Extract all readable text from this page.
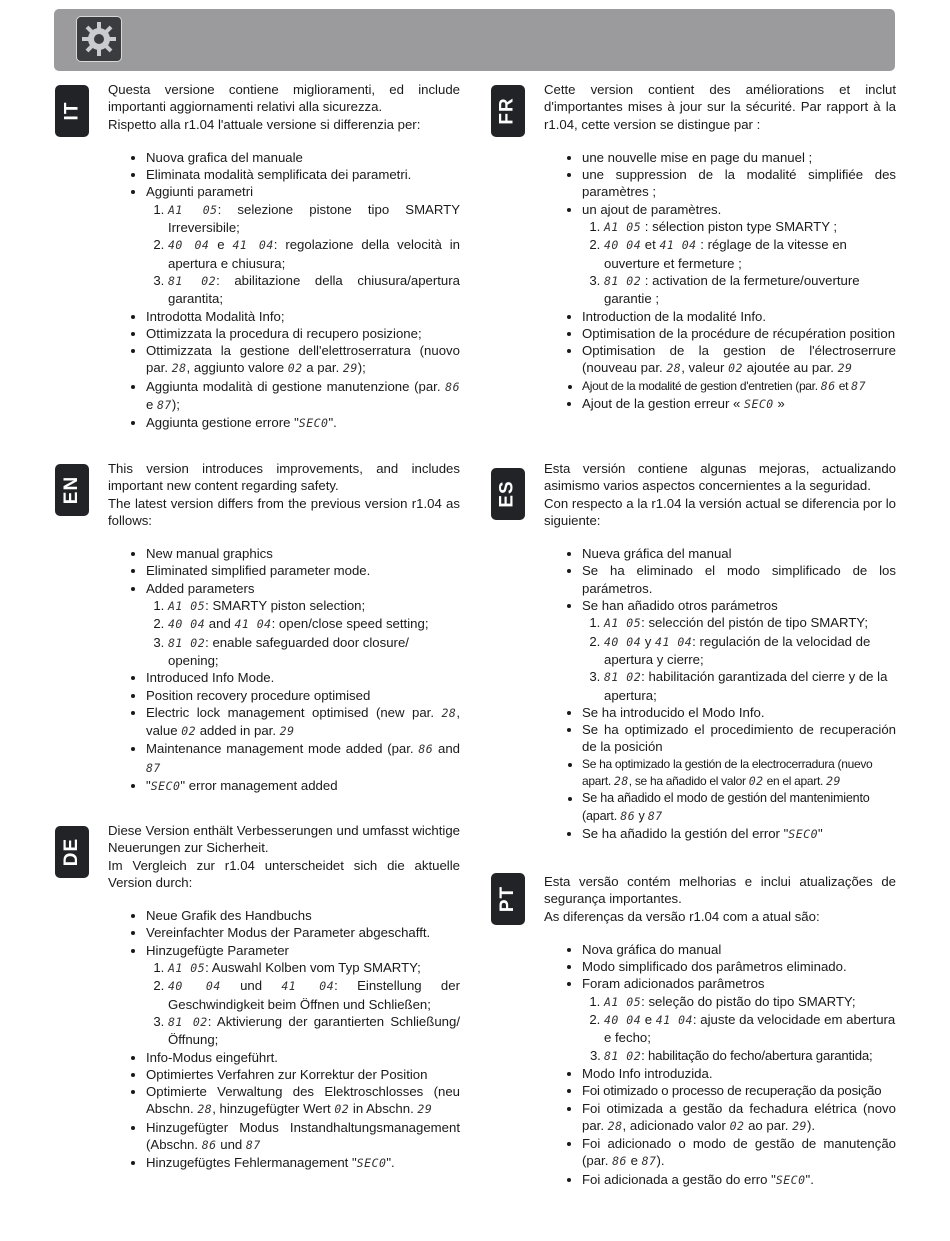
IT

Questa versione contiene miglioramenti, ed include importanti aggiornamenti relativi alla sicurezza.
Rispetto alla r1.04 l'attuale versione si differenzia per:

• Nuova grafica del manuale
• Eliminata modalità semplificata dei parametri.
• Aggiunti parametri
1. A1 05: selezione pistone tipo SMARTY Irreversibile;
2. 40 04 e 41 04: regolazione della velocità in apertura e chiusura;
3. 81 02: abilitazione della chiusura/apertura garantita;
• Introdotta Modalità Info;
• Ottimizzata la procedura di recupero posizione;
• Ottimizzata la gestione dell'elettroserratura (nuovo par. 28, aggiunto valore 02 a par. 29);
• Aggiunta modalità di gestione manutenzione (par. 86 e 87);
• Aggiunta gestione errore "SEC0".
EN

This version introduces improvements, and includes important new content regarding safety.
The latest version differs from the previous version r1.04 as follows:

• New manual graphics
• Eliminated simplified parameter mode.
• Added parameters
1. A1 05: SMARTY piston selection;
2. 40 04 and 41 04: open/close speed setting;
3. 81 02: enable safeguarded door closure/ opening;
• Introduced Info Mode.
• Position recovery procedure optimised
• Electric lock management optimised (new par. 28, value 02 added in par. 29
• Maintenance management mode added (par. 86 and 87
• "SEC0" error management added
DE

Diese Version enthält Verbesserungen und umfasst wichtige Neuerungen zur Sicherheit.
Im Vergleich zur r1.04 unterscheidet sich die aktuelle Version durch:

• Neue Grafik des Handbuchs
• Vereinfachter Modus der Parameter abgeschafft.
• Hinzugefügte Parameter
1. A1 05: Auswahl Kolben vom Typ SMARTY;
2. 40 04 und 41 04: Einstellung der Geschwindigkeit beim Öffnen und Schließen;
3. 81 02: Aktivierung der garantierten Schließung/Öffnung;
• Info-Modus eingeführt.
• Optimiertes Verfahren zur Korrektur der Position
• Optimierte Verwaltung des Elektroschlosses (neu Abschn. 28, hinzugefügter Wert 02 in Abschn. 29
• Hinzugefügter Modus Instandhaltungsmanagement (Abschn. 86 und 87
• Hinzugefügtes Fehlermanagement "SEC0".
FR

Cette version contient des améliorations et inclut d'importantes mises à jour sur la sécurité. Par rapport à la r1.04, cette version se distingue par :

• une nouvelle mise en page du manuel ;
• une suppression de la modalité simplifiée des paramètres ;
• un ajout de paramètres.
1. A1 05 : sélection piston type SMARTY ;
2. 40 04 et 41 04 : réglage de la vitesse en ouverture et fermeture ;
3. 81 02 : activation de la fermeture/ouverture garantie ;
• Introduction de la modalité Info.
• Optimisation de la procédure de récupération position
• Optimisation de la gestion de l'électroserrure (nouveau par. 28, valeur 02 ajoutée au par. 29
• Ajout de la modalité de gestion d'entretien (par. 86 et 87
• Ajout de la gestion erreur « SEC0 »
ES

Esta versión contiene algunas mejoras, actualizando asimismo varios aspectos concernientes a la seguridad.
Con respecto a la r1.04 la versión actual se diferencia por lo siguiente:

• Nueva gráfica del manual
• Se ha eliminado el modo simplificado de los parámetros.
• Se han añadido otros parámetros
1. A1 05: selección del pistón de tipo SMARTY;
2. 40 04 y 41 04: regulación de la velocidad de apertura y cierre;
3. 81 02: habilitación garantizada del cierre y de la apertura;
• Se ha introducido el Modo Info.
• Se ha optimizado el procedimiento de recuperación de la posición
• Se ha optimizado la gestión de la electrocerradura (nuevo apart. 28, se ha añadido el valor 02 en el apart. 29
• Se ha añadido el modo de gestión del mantenimiento (apart. 86 y 87
• Se ha añadido la gestión del error "SEC0"
PT

Esta versão contém melhorias e inclui atualizações de segurança importantes.
As diferenças da versão r1.04 com a atual são:

• Nova gráfica do manual
• Modo simplificado dos parâmetros eliminado.
• Foram adicionados parâmetros
1. A1 05: seleção do pistão do tipo SMARTY;
2. 40 04 e 41 04: ajuste da velocidade em abertura e fecho;
3. 81 02: habilitação do fecho/abertura garantida;
• Modo Info introduzida.
• Foi otimizado o processo de recuperação da posição
• Foi otimizada a gestão da fechadura elétrica (novo par. 28, adicionado valor 02 ao par. 29).
• Foi adicionado o modo de gestão de manutenção (par. 86 e 87).
• Foi adicionada a gestão do erro "SEC0".
